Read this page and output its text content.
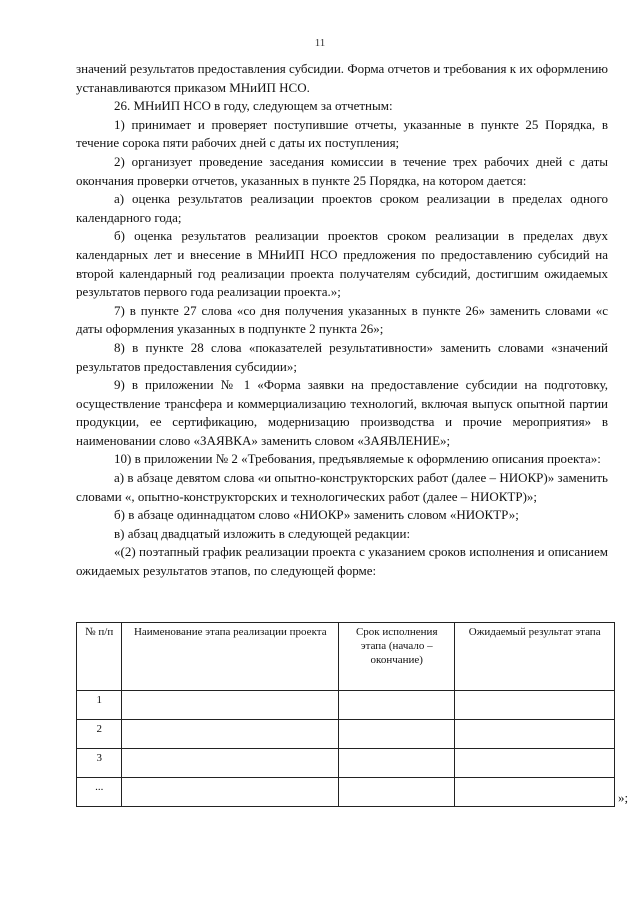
11

значений результатов предоставления субсидии. Форма отчетов и требования к их оформлению устанавливаются приказом МНиИП НСО.

26. МНиИП НСО в году, следующем за отчетным:

1) принимает и проверяет поступившие отчеты, указанные в пункте 25 Порядка, в течение сорока пяти рабочих дней с даты их поступления;

2) организует проведение заседания комиссии в течение трех рабочих дней с даты окончания проверки отчетов, указанных в пункте 25 Порядка, на котором дается:

а) оценка результатов реализации проектов сроком реализации в пределах одного календарного года;

б) оценка результатов реализации проектов сроком реализации в пределах двух календарных лет и внесение в МНиИП НСО предложения по предоставлению субсидий на второй календарный год реализации проекта получателям субсидий, достигшим ожидаемых результатов первого года реализации проекта.»;

7) в пункте 27 слова «со дня получения указанных в пункте 26» заменить словами «с даты оформления указанных в подпункте 2 пункта 26»;

8) в пункте 28 слова «показателей результативности» заменить словами «значений результатов предоставления субсидии»;

9) в приложении № 1 «Форма заявки на предоставление субсидии на подготовку, осуществление трансфера и коммерциализацию технологий, включая выпуск опытной партии продукции, ее сертификацию, модернизацию производства и прочие мероприятия» в наименовании слово «ЗАЯВКА» заменить словом «ЗАЯВЛЕНИЕ»;

10) в приложении № 2 «Требования, предъявляемые к оформлению описания проекта»:

а) в абзаце девятом слова «и опытно-конструкторских работ (далее – НИОКР)» заменить словами «, опытно-конструкторских и технологических работ (далее – НИОКТР)»;

б) в абзаце одиннадцатом слово «НИОКР» заменить словом «НИОКТР»;

в) абзац двадцатый изложить в следующей редакции:

«(2) поэтапный график реализации проекта с указанием сроков исполнения и описанием ожидаемых результатов этапов, по следующей форме:

№ п/п	Наименование этапа реализации проекта	Срок исполнения этапа (начало – окончание)	Ожидаемый результат этапа
1			
2			
3			
...			
»;
